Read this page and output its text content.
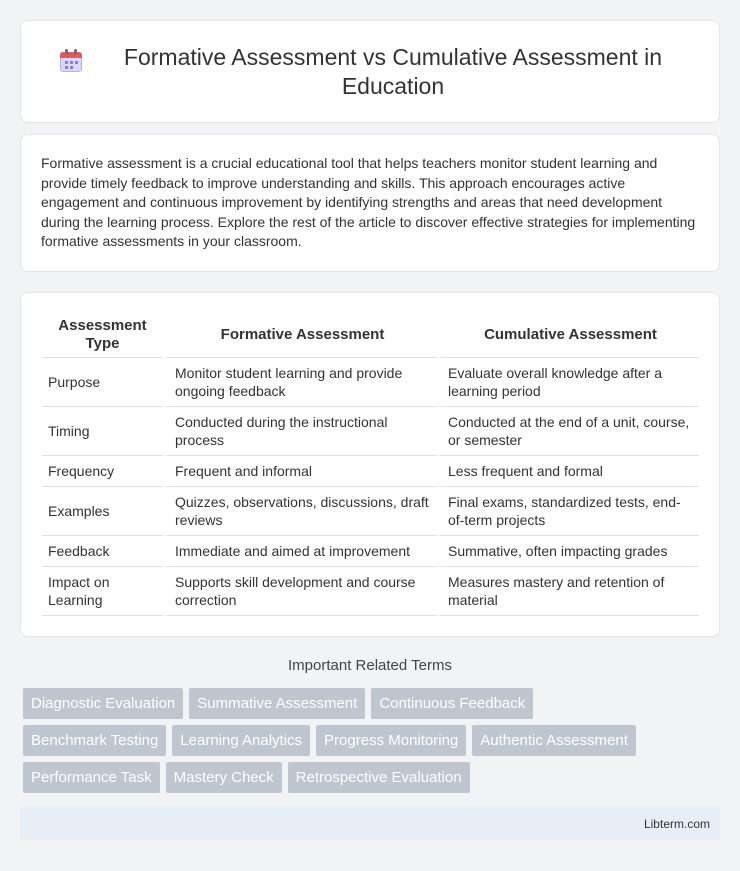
Formative Assessment vs Cumulative Assessment in Education

Formative assessment is a crucial educational tool that helps teachers monitor student learning and provide timely feedback to improve understanding and skills. This approach encourages active engagement and continuous improvement by identifying strengths and areas that need development during the learning process. Explore the rest of the article to discover effective strategies for implementing formative assessments in your classroom.

Assessment Type	Formative Assessment	Cumulative Assessment
Purpose	Monitor student learning and provide ongoing feedback	Evaluate overall knowledge after a learning period
Timing	Conducted during the instructional process	Conducted at the end of a unit, course, or semester
Frequency	Frequent and informal	Less frequent and formal
Examples	Quizzes, observations, discussions, draft reviews	Final exams, standardized tests, end-of-term projects
Feedback	Immediate and aimed at improvement	Summative, often impacting grades
Impact on Learning	Supports skill development and course correction	Measures mastery and retention of material
Important Related Terms
Diagnostic Evaluation	Summative Assessment	Continuous Feedback
Benchmark Testing	Learning Analytics	Progress Monitoring	Authentic Assessment
Performance Task	Mastery Check	Retrospective Evaluation
Libterm.com
